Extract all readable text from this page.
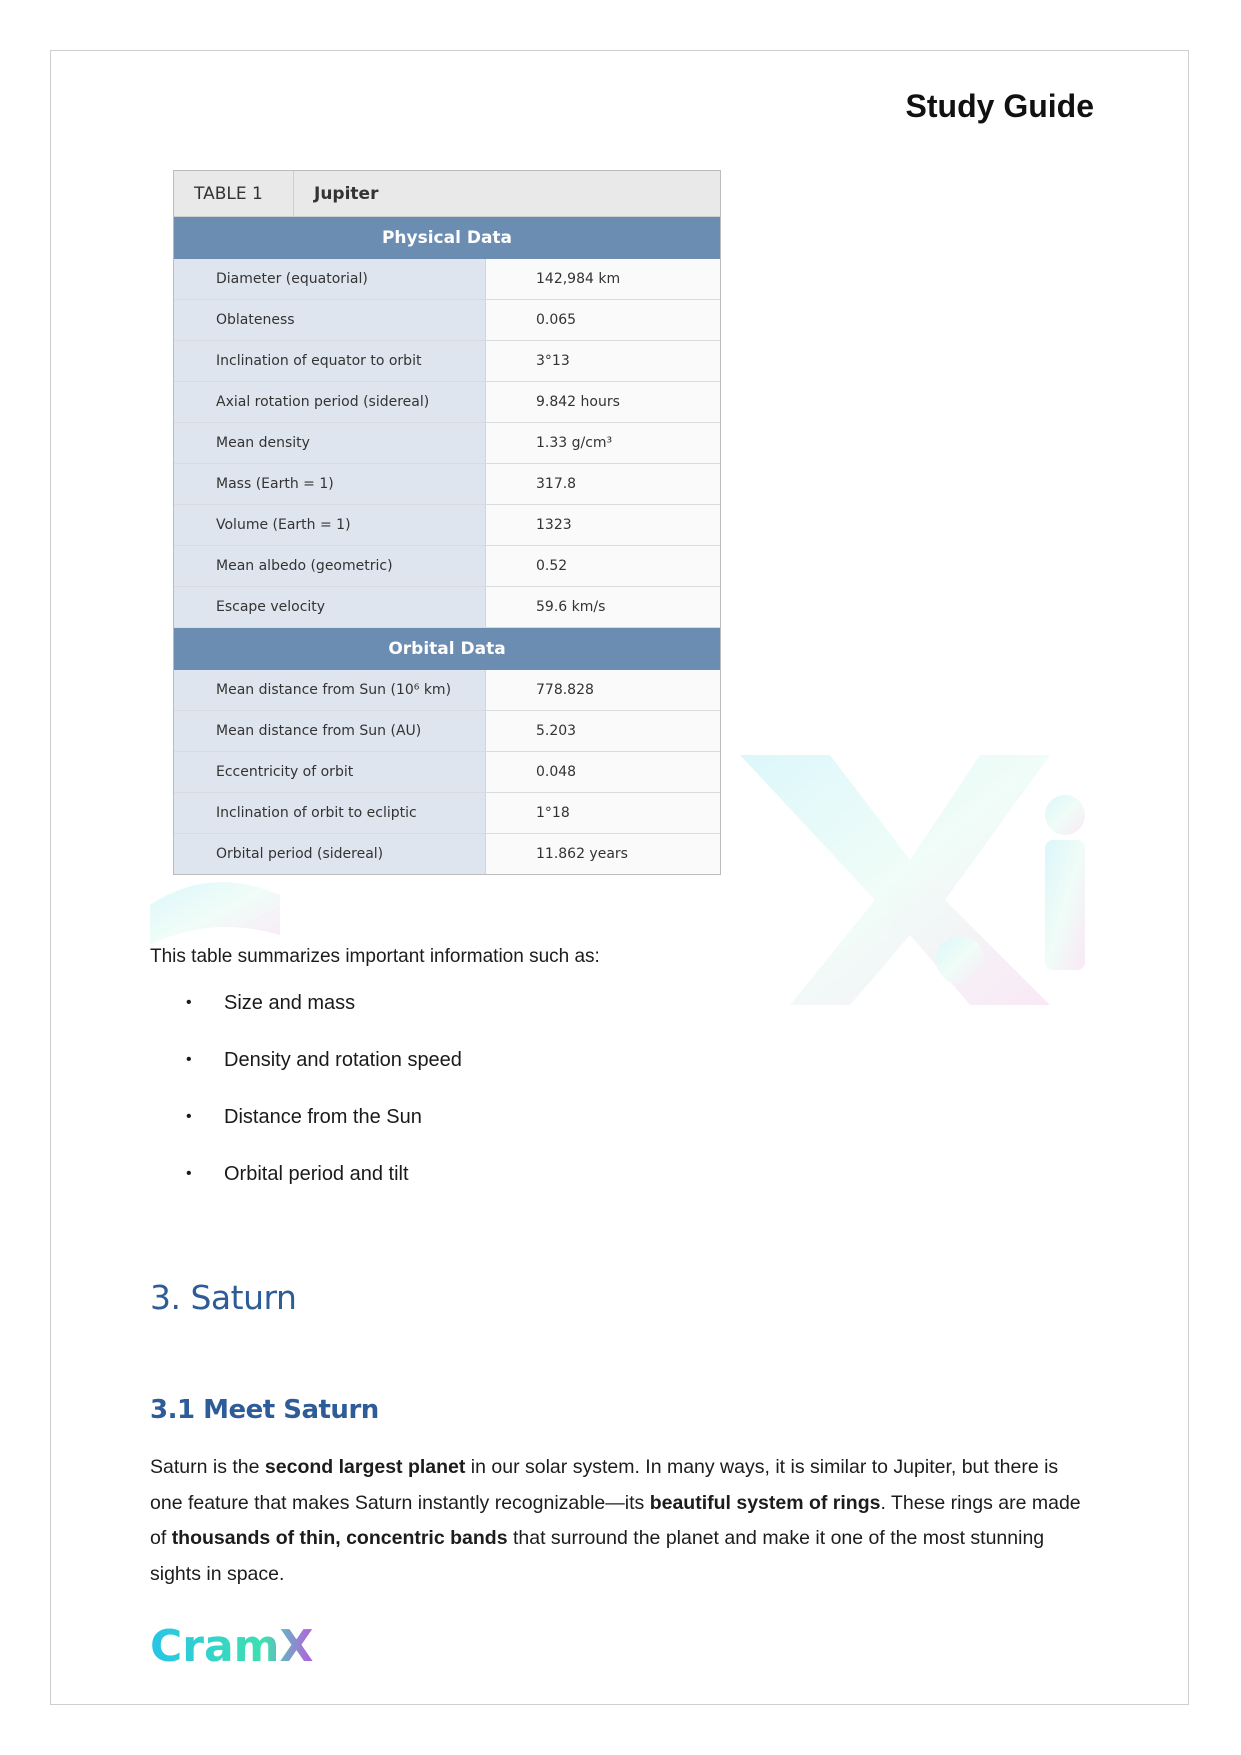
Study Guide
TABLE 1	Jupiter
Physical Data
Diameter (equatorial)	142,984 km
Oblateness	0.065
Inclination of equator to orbit	3°13
Axial rotation period (sidereal)	9.842 hours
Mean density	1.33 g/cm³
Mass (Earth = 1)	317.8
Volume (Earth = 1)	1323
Mean albedo (geometric)	0.52
Escape velocity	59.6 km/s
Orbital Data
Mean distance from Sun (10⁶ km)	778.828
Mean distance from Sun (AU)	5.203
Eccentricity of orbit	0.048
Inclination of orbit to ecliptic	1°18
Orbital period (sidereal)	11.862 years
This table summarizes important information such as:
•	Size and mass
•	Density and rotation speed
•	Distance from the Sun
•	Orbital period and tilt
3. Saturn
3.1 Meet Saturn
Saturn is the second largest planet in our solar system. In many ways, it is similar to Jupiter, but there is one feature that makes Saturn instantly recognizable—its beautiful system of rings. These rings are made of thousands of thin, concentric bands that surround the planet and make it one of the most stunning sights in space.
CramX
